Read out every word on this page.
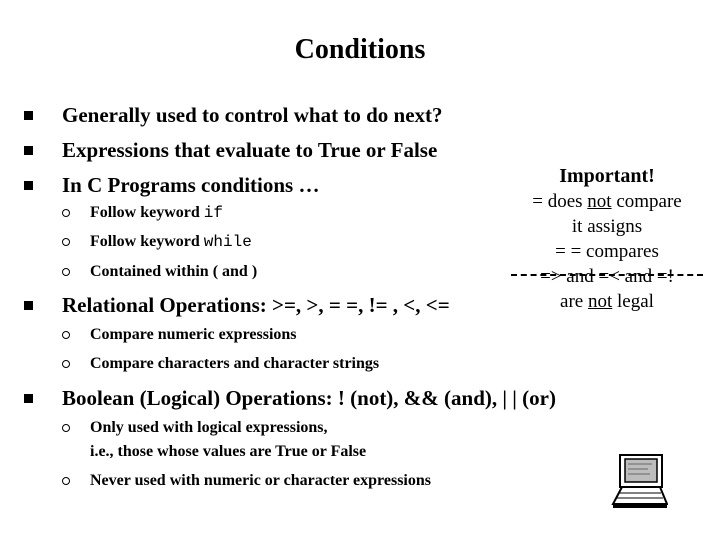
Conditions
Generally used to control what to do next?
Expressions that evaluate to True or False
In C Programs conditions …
Follow keyword if
Follow keyword while
Contained within ( and )
Relational Operations: >=, >, = =, != , <, <=
Compare numeric expressions
Compare characters and character strings
Boolean (Logical) Operations: ! (not), && (and), | | (or)
Only used with logical expressions,
i.e., those whose values are True or False
Never used with numeric or character expressions
Important!
= does not compare
it assigns
= = compares
=> and =< and =!
are not legal
